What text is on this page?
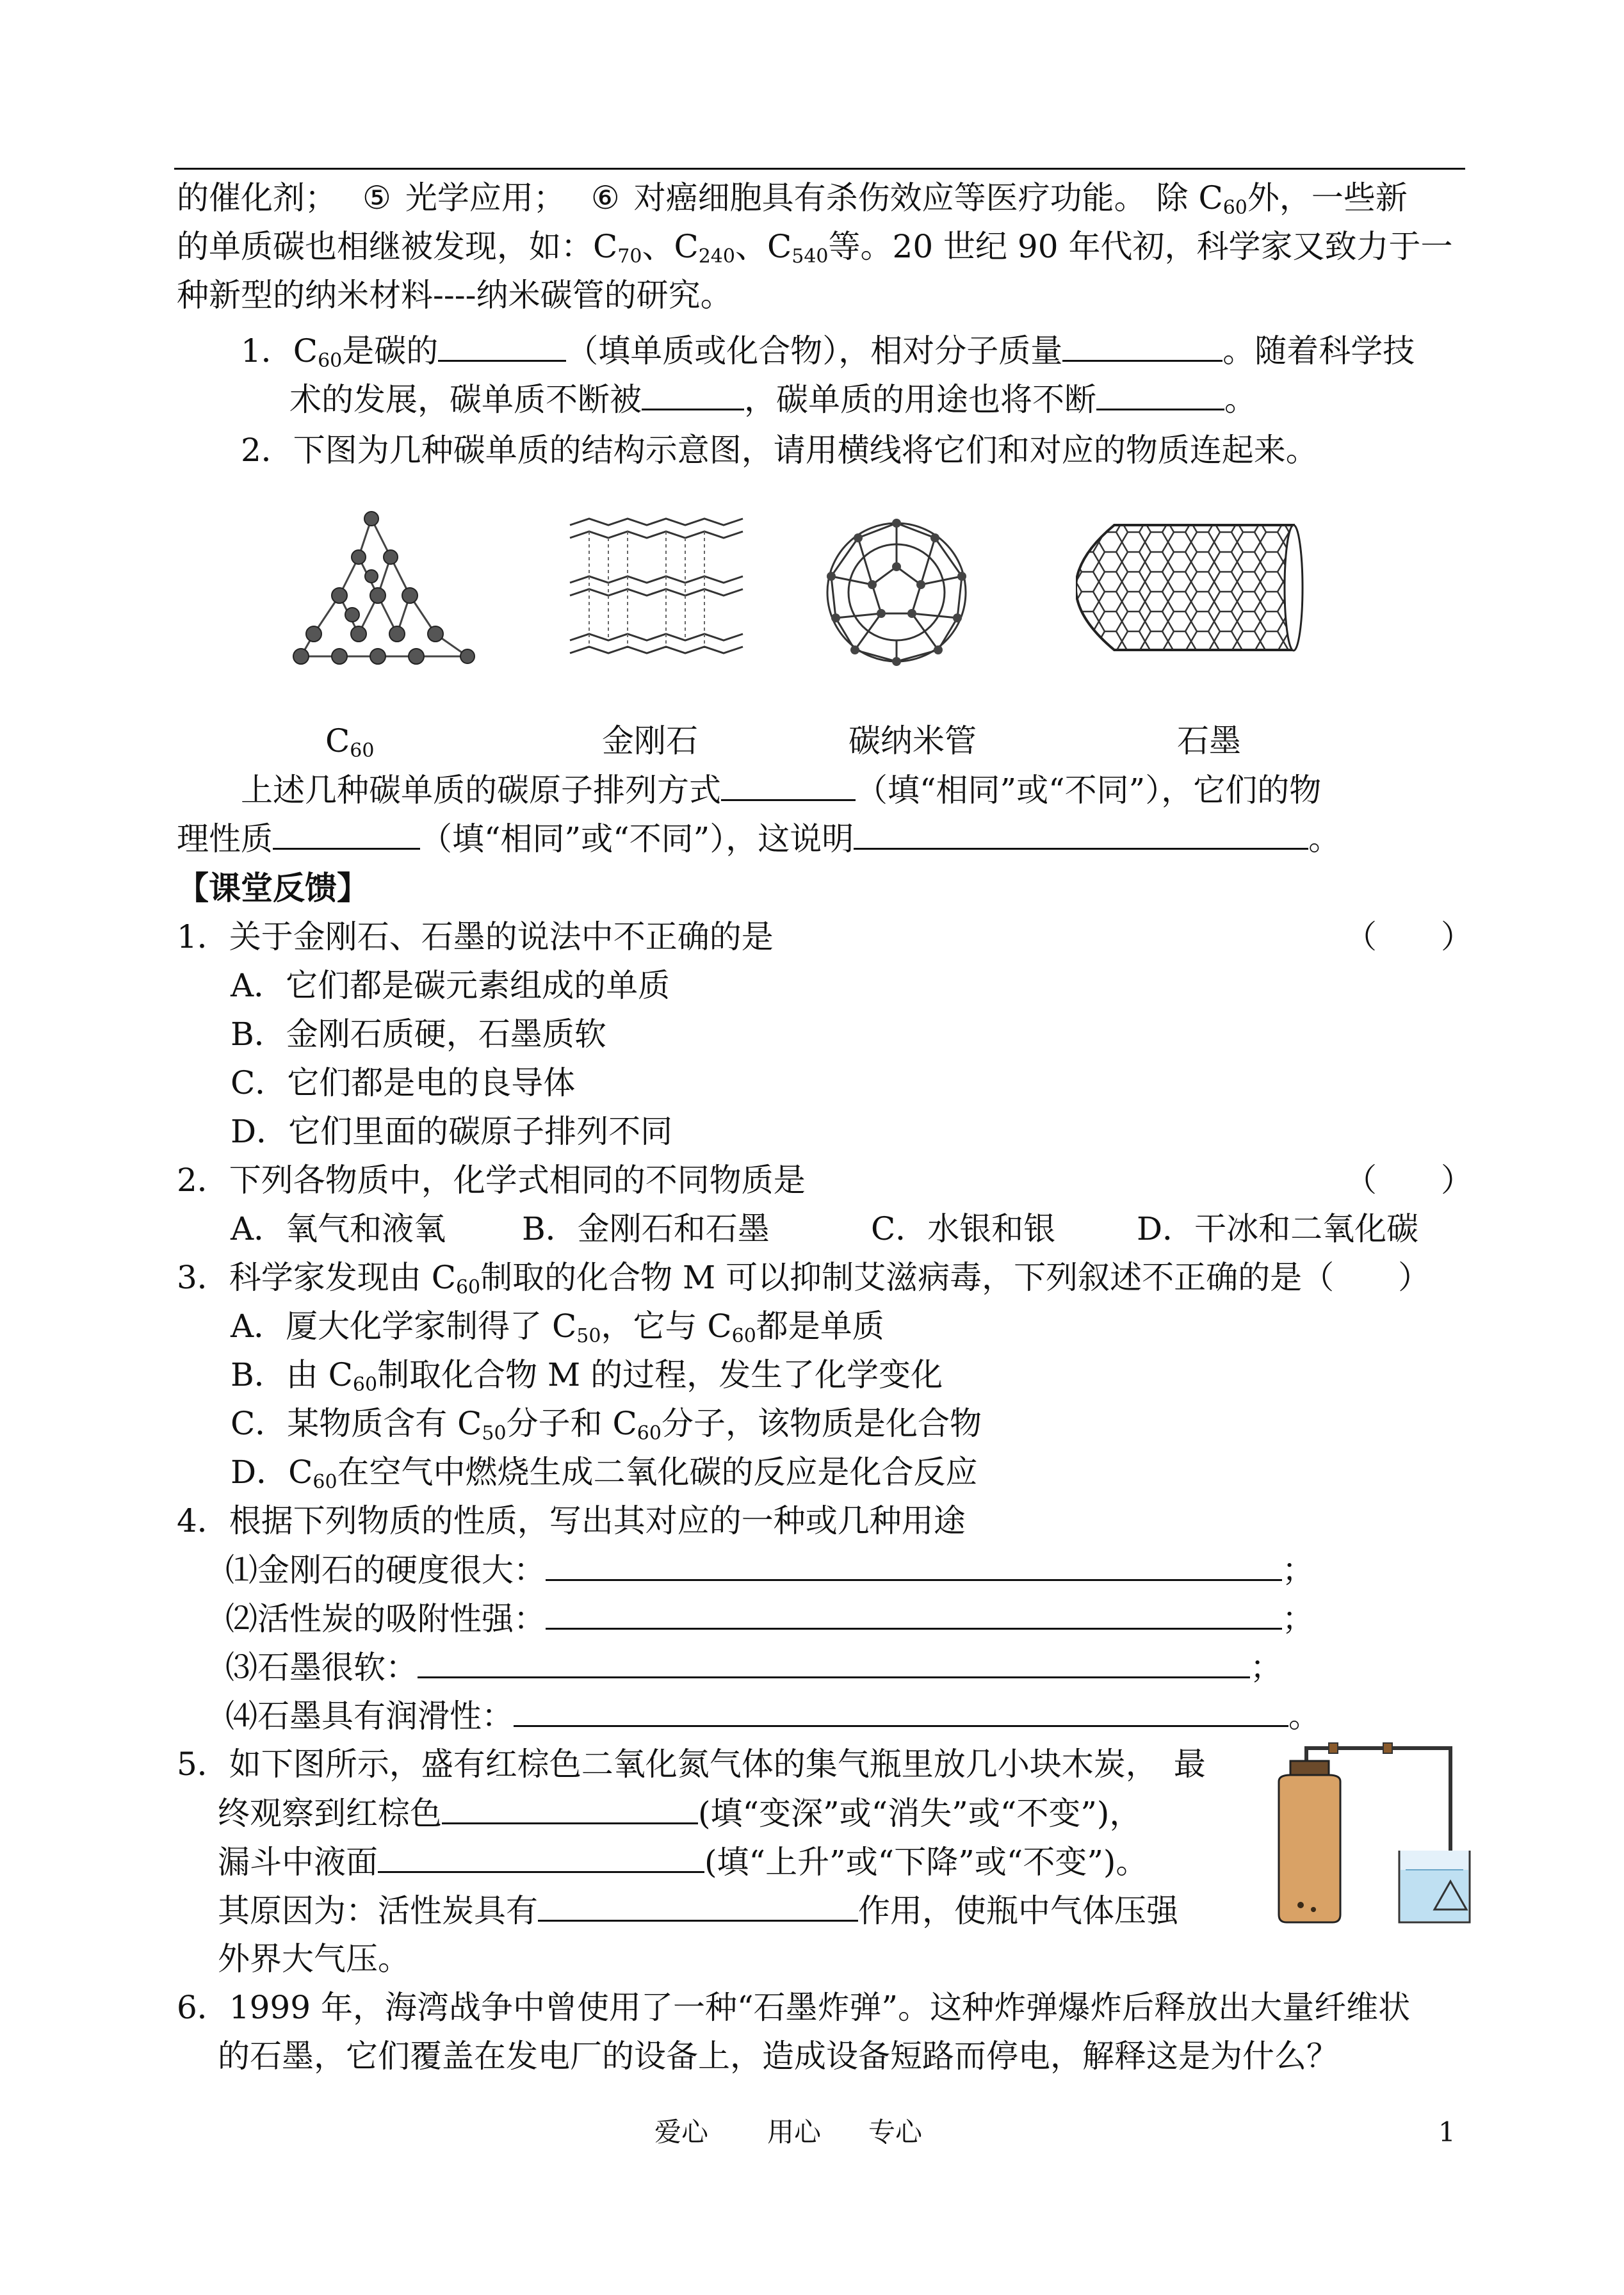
的催化剂； ⑤ 光学应用； ⑥ 对癌细胞具有杀伤效应等医疗功能。 除 $C_{60}$外，一些新
的单质碳也相继被发现，如：$C_{70}$、$C_{240}$、$C_{540}$等。20 世纪 90 年代初，科学家又致力于一
种新型的纳米材料----纳米碳管的研究。
1．$C_{60}$是碳的	（填单质或化合物），相对分子质量	。随着科学技
术的发展，碳单质不断被	，碳单质的用途也将不断	。
2．下图为几种碳单质的结构示意图，请用横线将它们和对应的物质连起来。
$C_{60}$	金刚石	碳纳米管	石墨
上述几种碳单质的碳原子排列方式	（填“相同”或“不同”），它们的物
理性质	（填“相同”或“不同”），这说明	。
【课堂反馈】
1．关于金刚石、石墨的说法中不正确的是	（　　）
A．它们都是碳元素组成的单质
B．金刚石质硬，石墨质软
C．它们都是电的良导体
D．它们里面的碳原子排列不同
2．下列各物质中，化学式相同的不同物质是	（　　）
A．氧气和液氧 B．金刚石和石墨	C．水银和银	D．干冰和二氧化碳
3．科学家发现由 $C_{60}$制取的化合物 M 可以抑制艾滋病毒，下列叙述不正确的是（　　）
A．厦大化学家制得了 $C_{50}$，它与 $C_{60}$都是单质
B．由 $C_{60}$制取化合物 M 的过程，发生了化学变化
C．某物质含有 $C_{50}$分子和 $C_{60}$分子，该物质是化合物
D．$C_{60}$在空气中燃烧生成二氧化碳的反应是化合反应
4．根据下列物质的性质，写出其对应的一种或几种用途
⑴金刚石的硬度很大：	；
⑵活性炭的吸附性强：	；
⑶石墨很软：	；
⑷石墨具有润滑性：	。
5．如下图所示，盛有红棕色二氧化氮气体的集气瓶里放几小块木炭，　最
终观察到红棕色	(填“变深”或“消失”或“不变”)，
漏斗中液面	(填“上升”或“下降”或“不变”)。
其原因为：活性炭具有	作用，使瓶中气体压强
外界大气压。
6．1999 年，海湾战争中曾使用了一种“石墨炸弹”。这种炸弹爆炸后释放出大量纤维状
的石墨，它们覆盖在发电厂的设备上，造成设备短路而停电，解释这是为什么？
爱心 用心 专心	1
